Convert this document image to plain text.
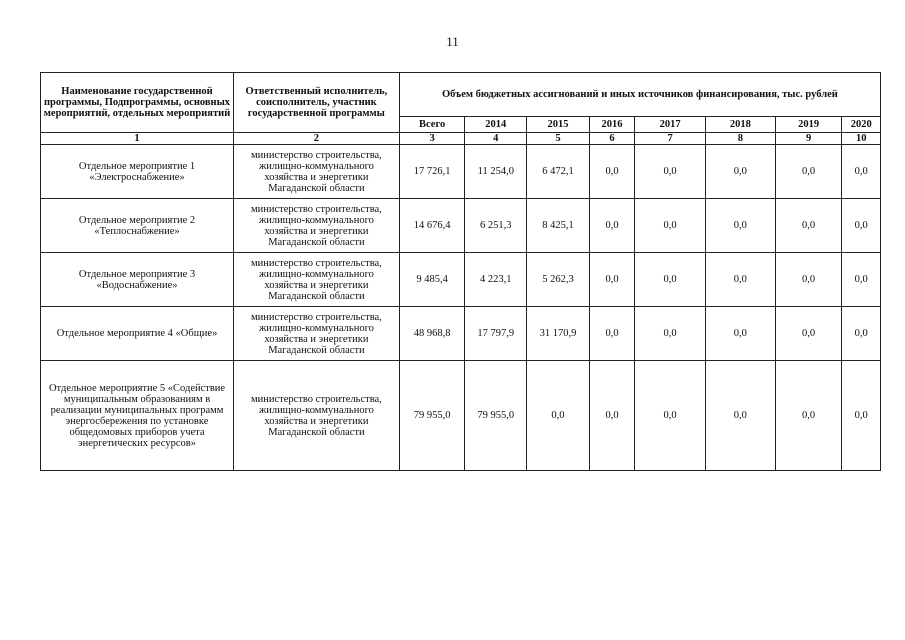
11
Наименование государственной программы, Подпрограммы, основных мероприятий, отдельных мероприятий	Ответственный исполнитель, соисполнитель, участник государственной программы	Объем бюджетных ассигнований и иных источников финансирования, тыс. рублей							
		Всего	2014	2015	2016	2017	2018	2019	2020
1	2	3	4	5	6	7	8	9	10
Отдельное мероприятие 1 «Электроснабжение»	министерство строительства, жилищно-коммунального хозяйства и энергетики Магаданской области	17 726,1	11 254,0	6 472,1	0,0	0,0	0,0	0,0	0,0
Отдельное мероприятие 2 «Теплоснабжение»	министерство строительства, жилищно-коммунального хозяйства и энергетики Магаданской области	14 676,4	6 251,3	8 425,1	0,0	0,0	0,0	0,0	0,0
Отдельное мероприятие 3 «Водоснабжение»	министерство строительства, жилищно-коммунального хозяйства и энергетики Магаданской области	9 485,4	4 223,1	5 262,3	0,0	0,0	0,0	0,0	0,0
Отдельное мероприятие 4 «Общие»	министерство строительства, жилищно-коммунального хозяйства и энергетики Магаданской области	48 968,8	17 797,9	31 170,9	0,0	0,0	0,0	0,0	0,0
Отдельное мероприятие 5 «Содействие муниципальным образованиям в реализации муниципальных программ энергосбережения по установке общедомовых приборов учета энергетических ресурсов»	министерство строительства, жилищно-коммунального хозяйства и энергетики Магаданской области	79 955,0	79 955,0	0,0	0,0	0,0	0,0	0,0	0,0
